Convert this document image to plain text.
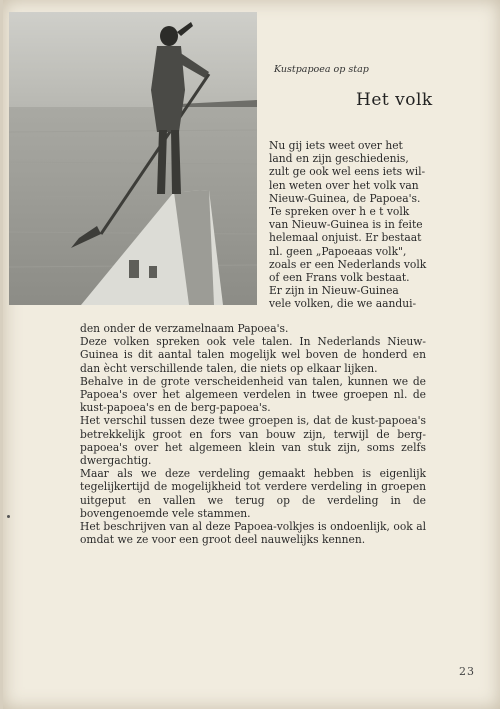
Kustpapoea op stap
Het volk
Nu gij iets weet over het
land en zijn geschiedenis,
zult ge ook wel eens iets wil-
len weten over het volk van
Nieuw-Guinea, de Papoea's.
Te spreken over h e t volk
van Nieuw-Guinea is in feite
helemaal onjuist. Er bestaat
nl. geen „Papoeaas volk",
zoals er een Nederlands volk
of een Frans volk bestaat.
Er zijn in Nieuw-Guinea
vele volken, die we aandui-

den onder de verzamelnaam Papoea's.

Deze volken spreken ook vele talen. In Nederlands Nieuw-Guinea is dit aantal talen mogelijk wel boven de honderd en dan ècht verschillende talen, die niets op elkaar lijken.

Behalve in de grote verscheidenheid van talen, kunnen we de Papoea's over het algemeen verdelen in twee groepen nl. de kust-papoea's en de berg-papoea's.

Het verschil tussen deze twee groepen is, dat de kust-papoea's betrekkelijk groot en fors van bouw zijn, terwijl de berg-papoea's over het algemeen klein van stuk zijn, soms zelfs dwergachtig.

Maar als we deze verdeling gemaakt hebben is eigenlijk tegelijkertijd de mogelijkheid tot verdere verdeling in groepen uitgeput en vallen we terug op de verdeling in de bovengenoemde vele stammen.

Het beschrijven van al deze Papoea-volkjes is ondoenlijk, ook al omdat we ze voor een groot deel nauwelijks kennen.

23
